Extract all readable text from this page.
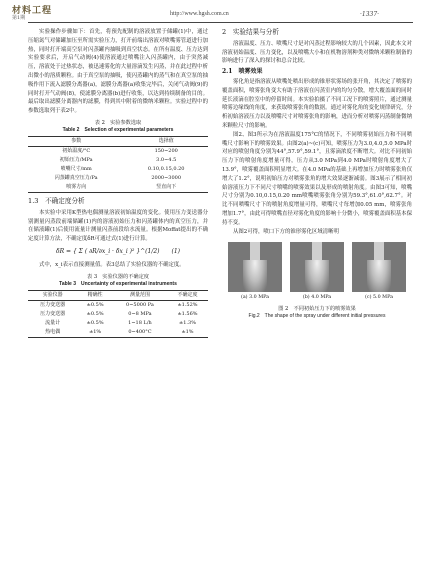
材料工程
第1期
http://www.hgsh.com.cn	·1337·

实验操作步骤如下：首先，将预先配制的溶液放置于储罐(1)中，通过压缩氮气对储罐加压至所需实验压力，打开前端出溶液对喷嘴雾管道进行加热，同时打开端高空泵对闪蒸罐内抽吸到真空状态。在所有温度、压力达到实验要求后，开启气动阀(4)使溶液通过喷嘴注入闪蒸罐内，由于突然减压，溶液处于过热状态，被迅速雾化的大量溶滴发生闪蒸，并在此过程中析出微小的溶质颗粒。由于真空泵的抽吸，使闪蒸罐内的蒸气和在真空泵的抽吸作用下流入滤膜分离器(a)，滤膜分离器(a)收集完毕后，关闭气动阀(9)的同时打开气动阀(8)，使滤膜分离器(b)进行收集，以达到持续制备的目的。最后取出滤膜分离器内的滤膜，得到其中附着的微纳米颗粒。实验过程中的参数选取列于表2中。

表 2　实验参数选取
Table 2　Selection of experimental parameters
参数	选择值
初始温度/°C	150~200
初始压力/MPa	3.0~4.5
喷嘴尺寸/mm	0.10,0.15,0.20
闪蒸罐真空压力/Pa	2000~3000
喷雾方向	竖直向下
1.3　不确定度分析

本实验中采用K型热电偶测量溶液初始温度的变化。使用压力变送器分别测量闪蒸段前端储罐(1)内的溶液初始压力和闪蒸罐体内的真空压力，并在储液罐(1)后使用流量计测量闪蒸前段给水流量。根据Moffat提出的不确定度计算方法，不确定度δR可通过式(1)进行计算。

δR = { Σ ( ∂R/∂x_i · δx_i )² }^(1/2)　　(1)

式中，x_i表示直接测量值。表3总结了实验仪器的不确定度。

表 3　实验仪器的不确定度
Table 3　Uncertainty of experimental instruments
实验仪器	精确性	测量范围	不确定度
压力变送器	±0.5%	0~5000 Pa	±1.52%
压力变送器	±0.5%	0~8 MPa	±1.56%
流量计	±0.5%	1~18 L/h	±1.3%
热电偶	±1%	0~400°C	±1%
2　实验结果与分析

溶液温度、压力、喷嘴尺寸是对闪蒸过程影响较大的几个因素，因此本文对溶液初始温度、压力变化，以及喷嘴大小和在机物溶剂种类对微纳米颗粒制备的影响进行了深入的探讨和总合比较。

2.1　喷雾效果

雾化角是指溶液从喷嘴处喷出形成的锥形状雾场的张开角，其决定了喷雾的覆盖面积，喷雾张角变大有助于溶液在闪蒸室内的均匀分散，增大覆盖面的同时延长液滴在腔室中的停留时间。本实验拍摄了不同工况下的喷雾照片，通过测量喷雾边缘线的角度，来获取喷雾张角的数据。通过对雾化角的变化规律研究，分析初始溶液压力以及喷嘴尺寸对喷雾张角的影响，进而分析对喷雾闪蒸制备微纳米颗粒尺寸的影响。

图2、图3所示为在溶液温度175°C的情况下，不同喷雾初始压力和不同喷嘴尺寸影响下的喷雾效果。由图2(a)~(c)可知，喷雾压力为3.0,4.0,5.0 MPa时对应的喷射角度分别为44°,57.9°,59.1°，且雾滴浓度不断增大。对比不同初始压力下的喷射角度增量可得，压力从3.0 MPa到4.0 MPa时喷射角度增大了13.9°，喷雾覆盖面积明显增大。在4.0 MPa的基础上再增加压力时喷雾张角仅增大了1.2°，说明初始压力对喷雾张角的增大效果逐渐减弱。图3展示了相同初始溶液压力下不同尺寸喷嘴的喷雾效果以及形成的喷射角度。由图3可知，喷嘴尺寸分别为0.10,0.15,0.20 mm喷嘴喷雾张角分别为59.3°,61.0°,62.7°。对比不同喷嘴尺寸下的喷射角度增量可得，喷嘴尺寸每增加0.05 mm，喷雾张角增加1.7°，由此可得喷嘴直径对雾化角度的影响十分微小，喷雾覆盖面积基本保持不变。

从图2可得，喷口下方的锥形雾化区域清晰明

(a) 3.0 MPa	(b) 4.0 MPa	(c) 5.0 MPa
图 2　不同初始压力下的喷雾效果
Fig.2　The shape of the spray under different initial pressures
